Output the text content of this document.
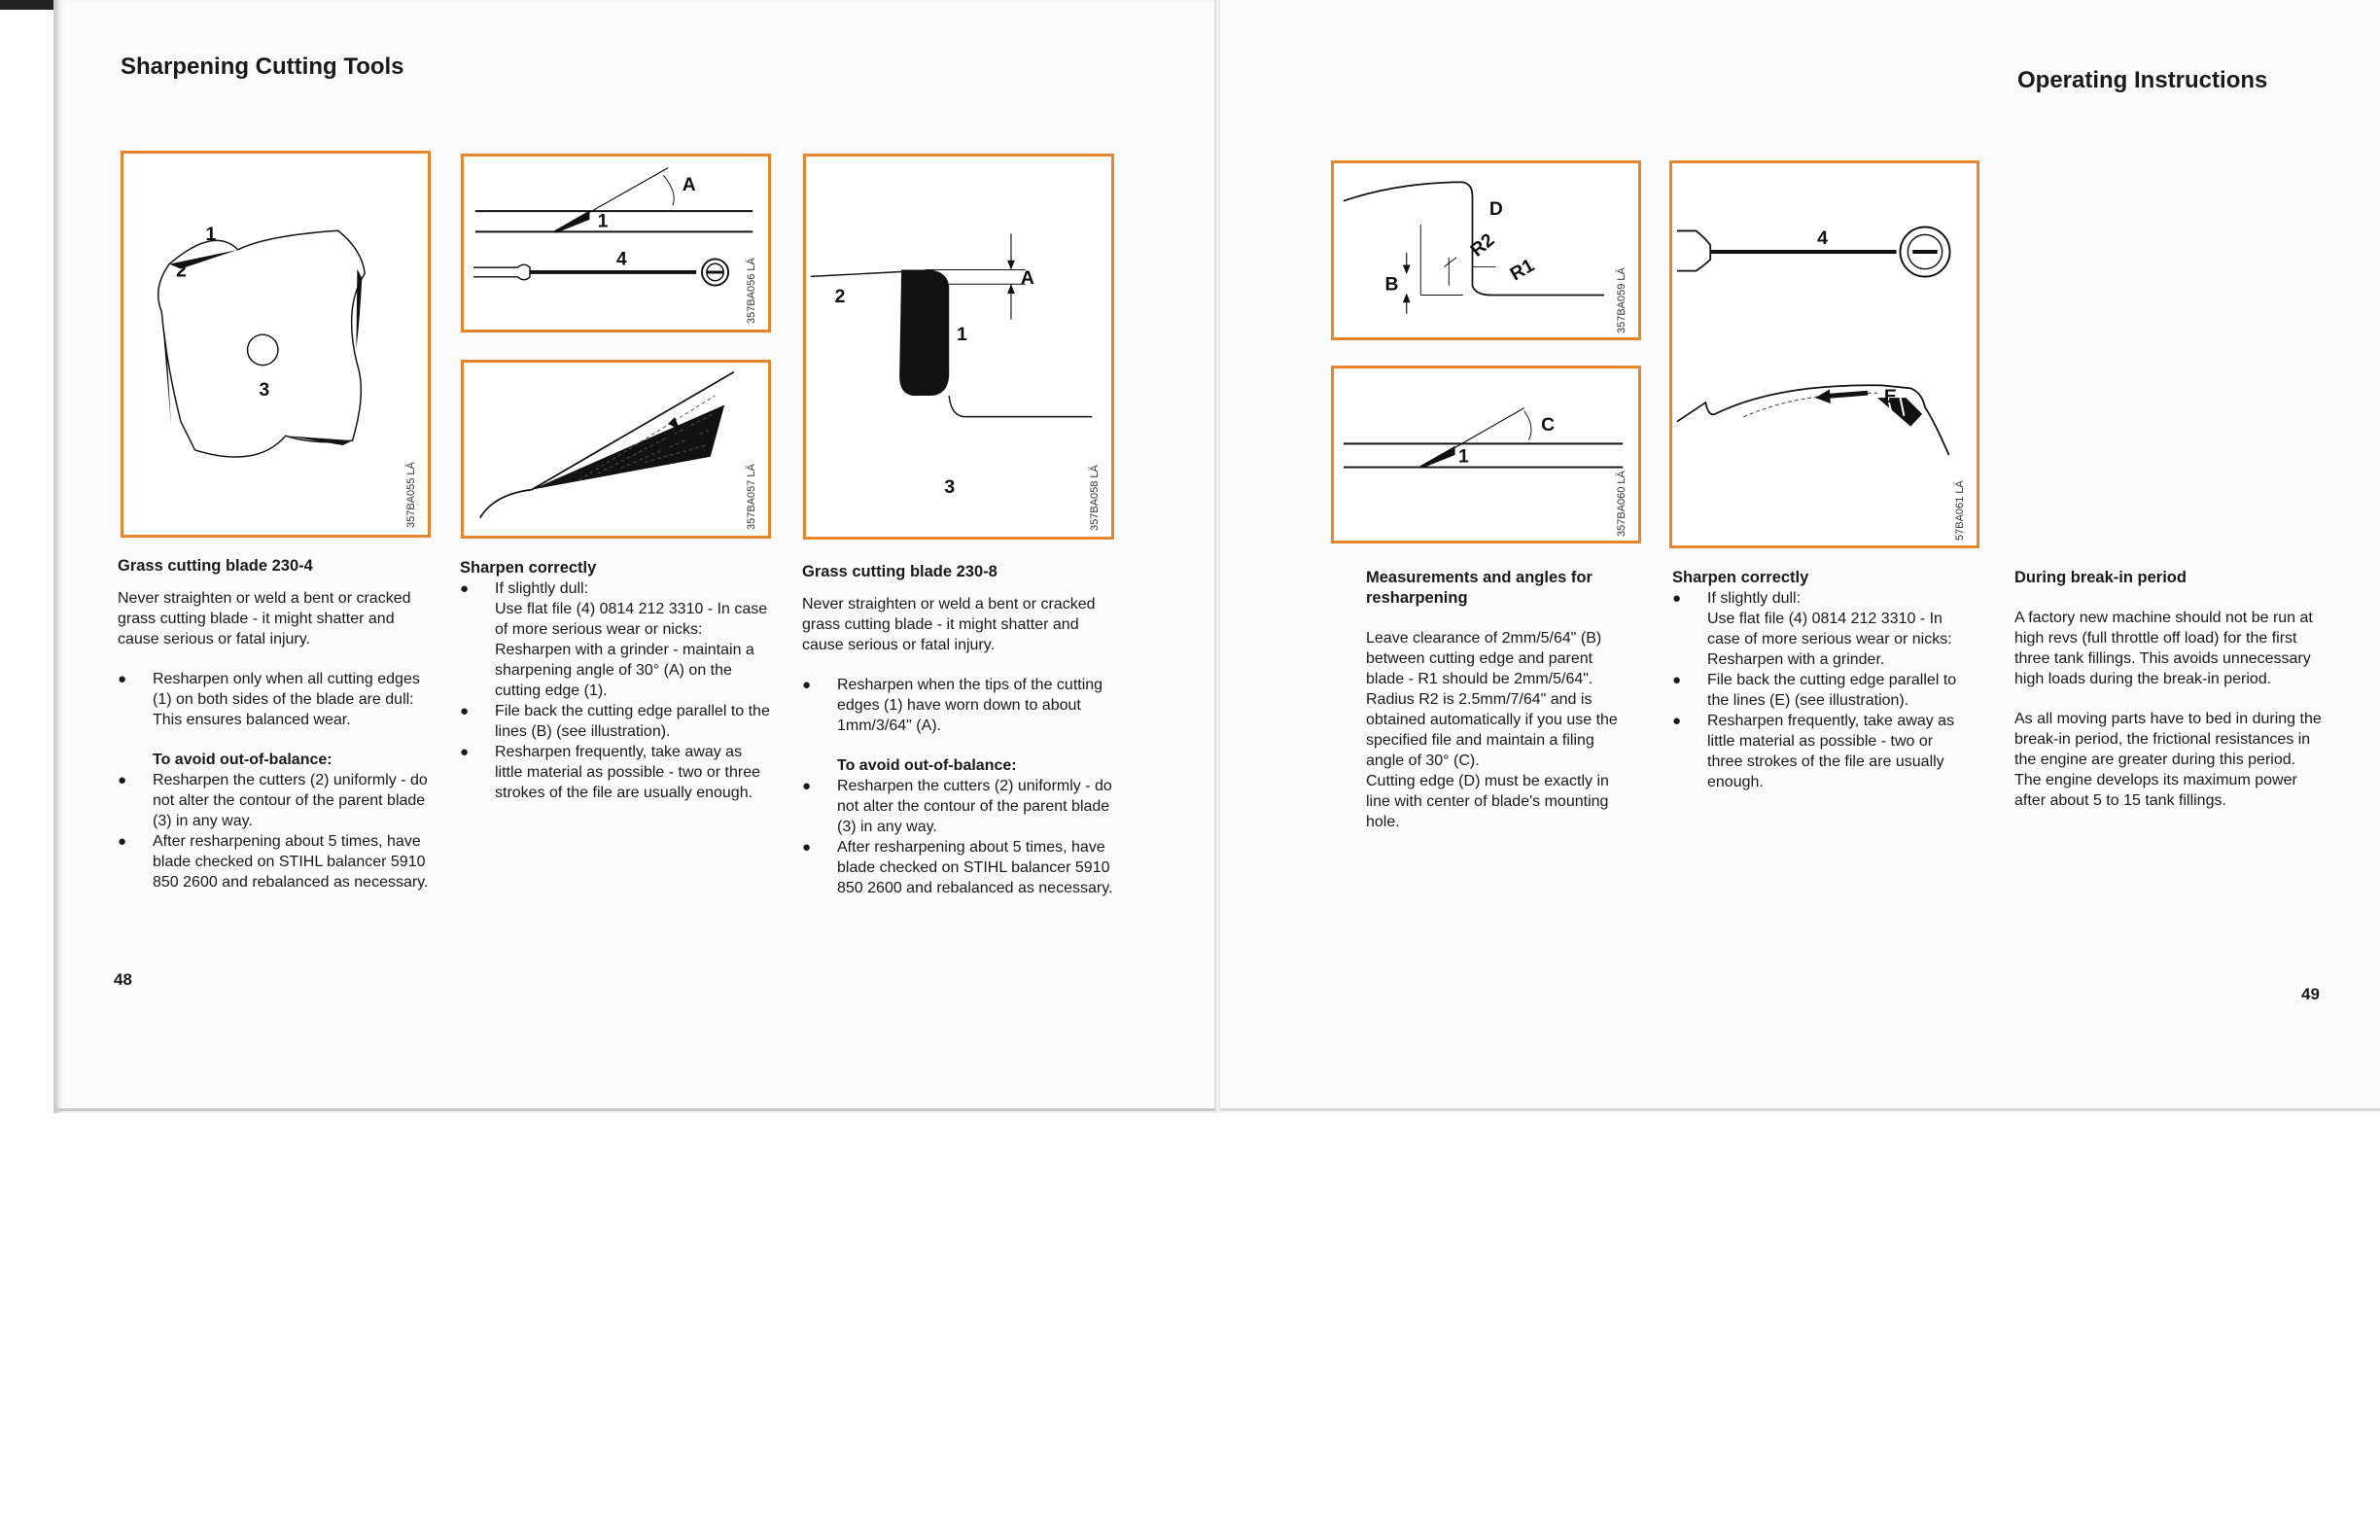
Sharpening Cutting Tools
Operating Instructions
1
2
3
357BA055 LÄ
A
1
4	357BA056 LÄ
B
357BA057 LÄ
A
2
1
3	357BA058 LÄ
D
R2
R1
B	357BA059 LÄ
C
1
357BA060 LÄ
4
E
57BA061 LÄ
Grass cutting blade 230-4

Never straighten or weld a bent or cracked grass cutting blade - it might shatter and cause serious or fatal injury.

● Resharpen only when all cutting edges (1) on both sides of the blade are dull: This ensures balanced wear.
To avoid out-of-balance:
● Resharpen the cutters (2) uniformly - do not alter the contour of the parent blade (3) in any way.
● After resharpening about 5 times, have blade checked on STIHL balancer 5910 850 2600 and rebalanced as necessary.
Sharpen correctly
● If slightly dull:
Use flat file (4) 0814 212 3310 - In case of more serious wear or nicks: Resharpen with a grinder - maintain a sharpening angle of 30° (A) on the cutting edge (1).
● File back the cutting edge parallel to the lines (B) (see illustration).
● Resharpen frequently, take away as little material as possible - two or three strokes of the file are usually enough.
Grass cutting blade 230-8

Never straighten or weld a bent or cracked grass cutting blade - it might shatter and cause serious or fatal injury.

● Resharpen when the tips of the cutting edges (1) have worn down to about 1mm/3/64" (A).
To avoid out-of-balance:
● Resharpen the cutters (2) uniformly - do not alter the contour of the parent blade (3) in any way.
● After resharpening about 5 times, have blade checked on STIHL balancer 5910 850 2600 and rebalanced as necessary.
Measurements and angles for resharpening

Leave clearance of 2mm/5/64" (B) between cutting edge and parent blade - R1 should be 2mm/5/64". Radius R2 is 2.5mm/7/64" and is obtained automatically if you use the specified file and maintain a filing angle of 30° (C).

Cutting edge (D) must be exactly in line with center of blade's mounting hole.

Sharpen correctly
● If slightly dull:
Use flat file (4) 0814 212 3310 - In case of more serious wear or nicks: Resharpen with a grinder.
● File back the cutting edge parallel to the lines (E) (see illustration).
● Resharpen frequently, take away as little material as possible - two or three strokes of the file are usually enough.
During break-in period

A factory new machine should not be run at high revs (full throttle off load) for the first three tank fillings. This avoids unnecessary high loads during the break-in period.

As all moving parts have to bed in during the break-in period, the frictional resistances in the engine are greater during this period.

The engine develops its maximum power after about 5 to 15 tank fillings.

48
49
